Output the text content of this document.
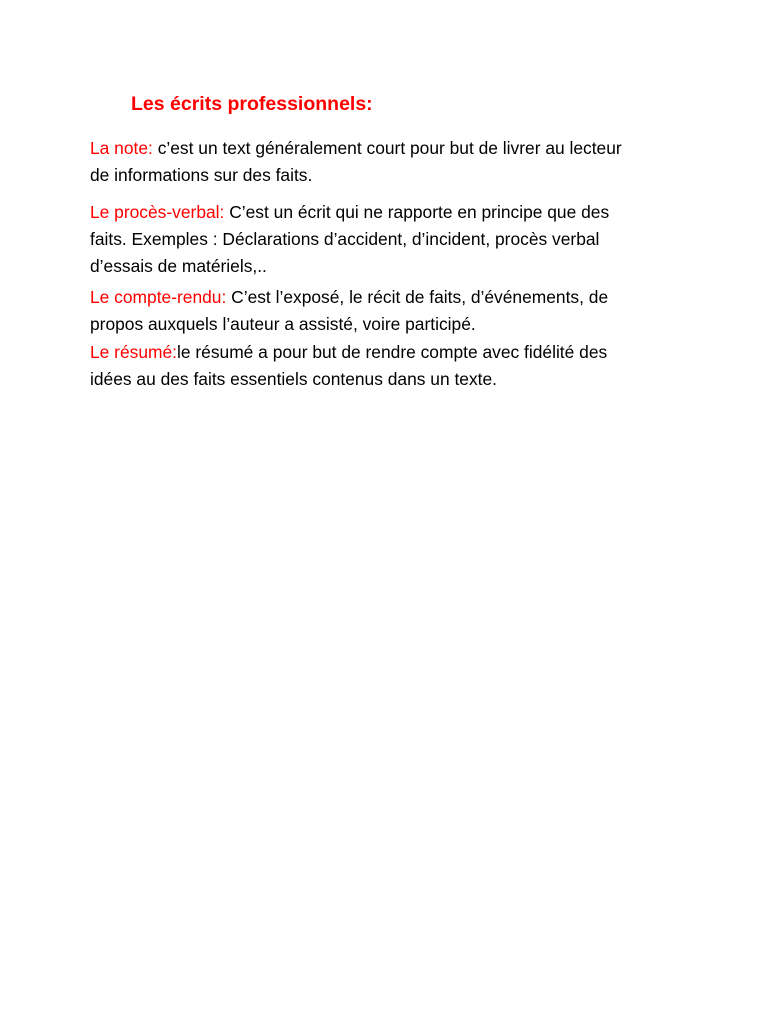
Les écrits professionnels:

La note: c’est un text généralement court pour but de livrer au lecteur
de informations sur des faits.

Le procès-verbal: C’est un écrit qui ne rapporte en principe que des
faits. Exemples : Déclarations d’accident, d’incident, procès verbal
d’essais de matériels,..

Le compte-rendu: C’est l’exposé, le récit de faits, d’événements, de
propos auxquels l’auteur a assisté, voire participé.

Le résumé:le résumé a pour but de rendre compte avec fidélité des
idées au des faits essentiels contenus dans un texte.
